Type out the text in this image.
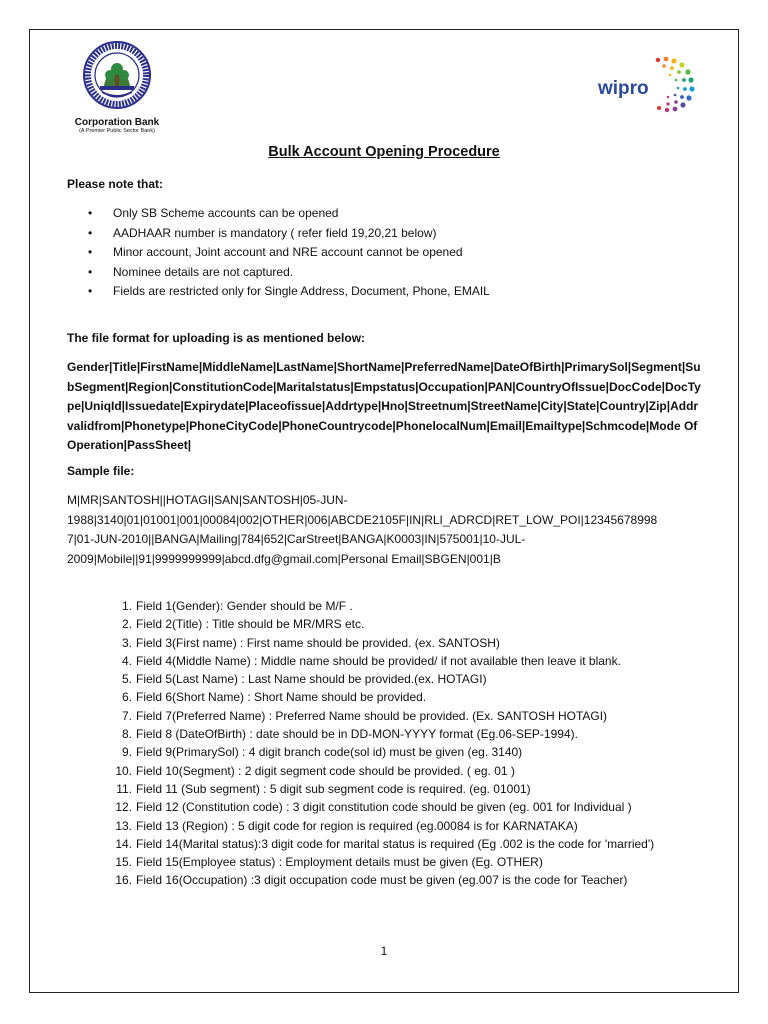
Corporation Bank
(A Premier Public Sector Bank)
wipro
Bulk Account Opening Procedure
Please note that:
• Only SB Scheme accounts can be opened
• AADHAAR number is mandatory ( refer field 19,20,21 below)
• Minor account, Joint account and NRE account cannot be opened
• Nominee details are not captured.
• Fields are restricted only for Single Address, Document, Phone, EMAIL
The file format for uploading is as mentioned below:
Gender|Title|FirstName|MiddleName|LastName|ShortName|PreferredName|DateOfBirth|PrimarySol|Segment|SubSegment|Region|ConstitutionCode|Maritalstatus|Empstatus|Occupation|PAN|CountryOfIssue|DocCode|DocType|UniqId|Issuedate|Expirydate|Placeofissue|Addrtype|Hno|Streetnum|StreetName|City|State|Country|Zip|Addrvalidfrom|Phonetype|PhoneCityCode|PhoneCountrycode|PhonelocalNum|Email|Emailtype|Schmcode|Mode Of Operation|PassSheet|
Sample file:
M|MR|SANTOSH||HOTAGI|SAN|SANTOSH|05-JUN-
1988|3140|01|01001|001|00084|002|OTHER|006|ABCDE2105F|IN|RLI_ADRCD|RET_LOW_POI|12345678998
7|01-JUN-2010||BANGA|Mailing|784|652|CarStreet|BANGA|K0003|IN|575001|10-JUL-
2009|Mobile||91|9999999999|abcd.dfg@gmail.com|Personal Email|SBGEN|001|B
1. Field 1(Gender): Gender should be M/F .
2. Field 2(Title) : Title should be MR/MRS etc.
3. Field 3(First name) : First name should be provided. (ex. SANTOSH)
4. Field 4(Middle Name) : Middle name should be provided/ if not available then leave it blank.
5. Field 5(Last Name) : Last Name should be provided.(ex. HOTAGI)
6. Field 6(Short Name) : Short Name should be provided.
7. Field 7(Preferred Name) : Preferred Name should be provided. (Ex. SANTOSH HOTAGI)
8. Field 8 (DateOfBirth) : date should be in DD-MON-YYYY format (Eg.06-SEP-1994).
9. Field 9(PrimarySol) : 4 digit branch code(sol id) must be given (eg. 3140)
10. Field 10(Segment) : 2 digit segment code should be provided. ( eg. 01 )
11. Field 11 (Sub segment) : 5 digit sub segment code is required. (eg. 01001)
12. Field 12 (Constitution code) : 3 digit constitution code should be given (eg. 001 for Individual )
13. Field 13 (Region) : 5 digit code for region is required (eg.00084 is for KARNATAKA)
14. Field 14(Marital status):3 digit code for marital status is required (Eg .002 is the code for 'married')
15. Field 15(Employee status) : Employment details must be given (Eg. OTHER)
16. Field 16(Occupation) :3 digit occupation code must be given (eg.007 is the code for Teacher)
1
